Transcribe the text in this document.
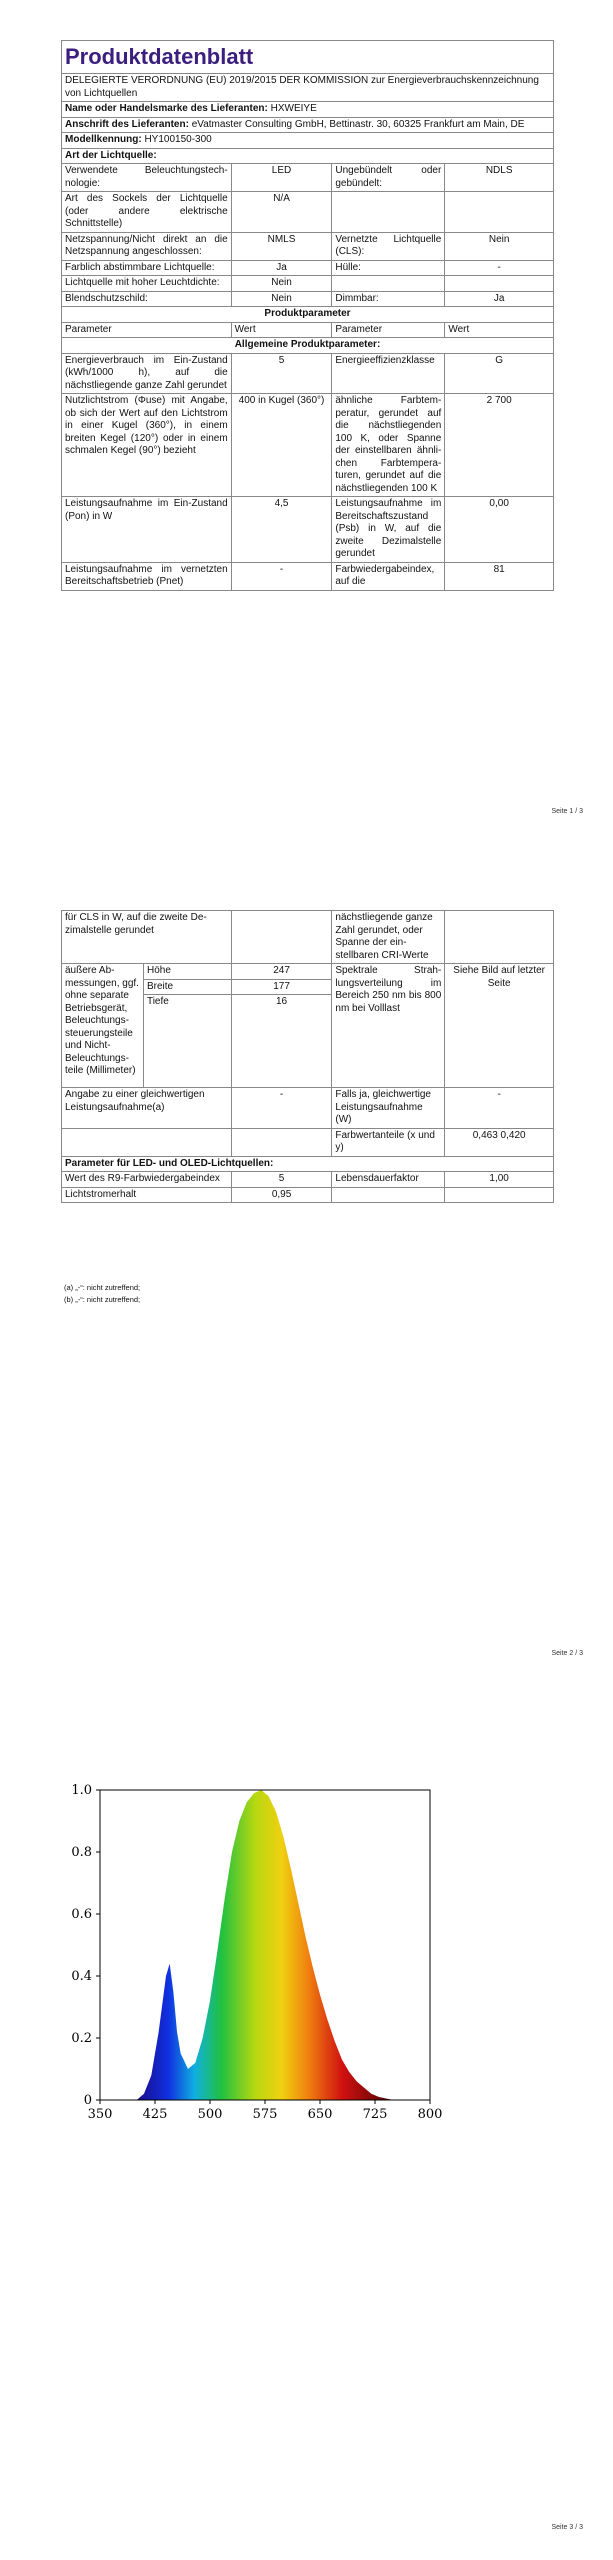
Produktdatenblatt			
DELEGIERTE VERORDNUNG (EU) 2019/2015 DER KOMMISSION zur Energieverbrauchskennzeichnung von Lichtquellen			
Name oder Handelsmarke des Lieferanten: HXWEIYE			
Anschrift des Lieferanten: eVatmaster Consulting GmbH, Bettinastr. 30, 60325 Frankfurt am Main, DE			
Modellkennung: HY100150-300			
Art der Lichtquelle:			
Verwendete Beleuchtungstechnologie:	LED	Ungebündelt oder gebündelt:	NDLS
Art des Sockels der Lichtquelle (oder andere elektrische Schnittstelle)	N/A		
Netzspannung/Nicht direkt an die Netzspannung angeschlossen:	NMLS	Vernetzte Lichtquelle (CLS):	Nein
Farblich abstimmbare Lichtquelle:	Ja	Hülle:	-
Lichtquelle mit hoher Leuchtdichte:	Nein		
Blendschutzschild:	Nein	Dimmbar:	Ja
Produktparameter			
Parameter	Wert	Parameter	Wert
Allgemeine Produktparameter:			
Energieverbrauch im Ein-Zustand (kWh/1000 h), auf die nächstliegende ganze Zahl gerundet	5	Energieeffizienzklasse	G
Nutzlichtstrom (Φuse) mit Angabe, ob sich der Wert auf den Lichtstrom in einer Kugel (360°), in einem breiten Kegel (120°) oder in einem schmalen Kegel (90°) bezieht	400 in Kugel (360°)	ähnliche Farbtemperatur, gerundet auf die nächstliegenden 100 K, oder Spanne der einstellbaren ähnlichen Farbtemperaturen, gerundet auf die nächstliegenden 100 K	2 700
Leistungsaufnahme im Ein-Zustand (Pon) in W	4,5	Leistungsaufnahme im Bereitschaftszustand (Psb) in W, auf die zweite Dezimalstelle gerundet	0,00
Leistungsaufnahme im vernetzten Bereitschaftsbetrieb (Pnet)	-	Farbwiedergabeindex, auf die	81
Seite 1 / 3
für CLS in W, auf die zweite Dezimalstelle gerundet			nächstliegende ganze Zahl gerundet, oder Spanne der einstellbaren CRI-Werte	
äußere Abmessungen, ggf. ohne separate Betriebsgerät, Beleuchtungssteuerungsteile und Nicht-Beleuchtungsteile (Millimeter)	Höhe	247	Spektrale Strahlungsverteilung im Bereich 250 nm bis 800 nm bei Volllast	Siehe Bild auf letzter Seite
	Breite	177		
	Tiefe	16		
Angabe zu einer gleichwertigen Leistungsaufnahme(a)		-	Falls ja, gleichwertige Leistungsaufnahme (W)	-
			Farbwertanteile (x und y)	0,463 0,420
Parameter für LED- und OLED-Lichtquellen:				
Wert des R9-Farbwiedergabeindex		5	Lebensdauerfaktor	1,00
Lichtstromerhalt		0,95		
(a) „-“: nicht zutreffend;
(b) „-“: nicht zutreffend;
Seite 2 / 3
350 425 500 575 650 725 800
0
0.2
0.4
0.6
0.8
1.0
Seite 3 / 3
